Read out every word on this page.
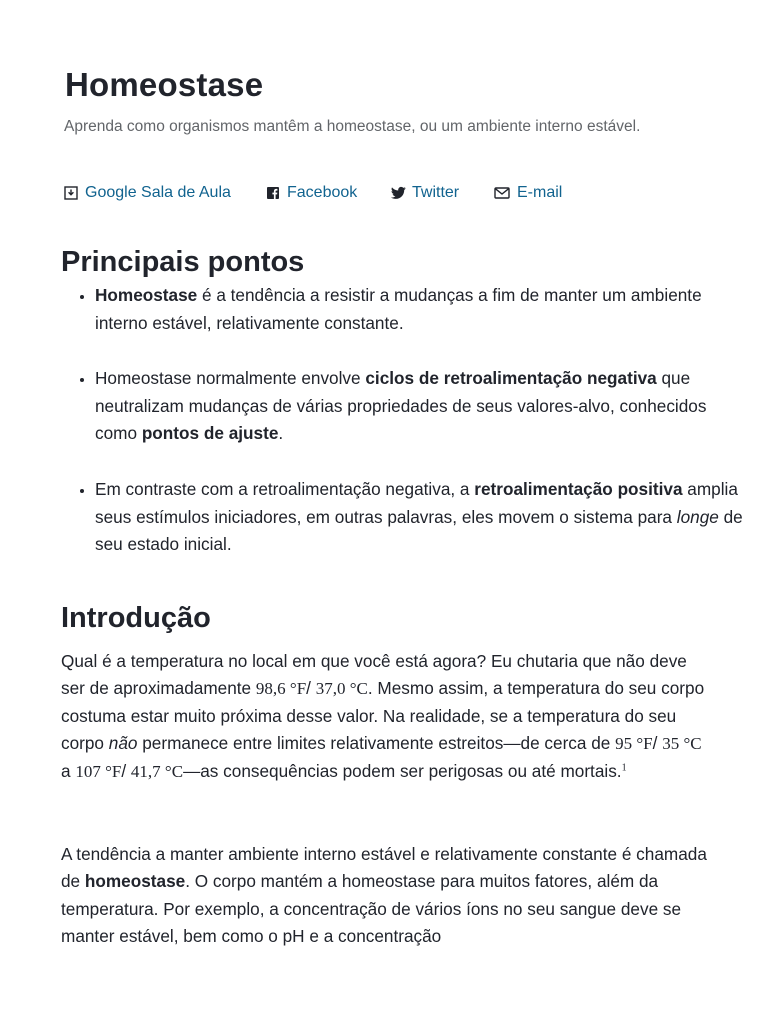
Homeostase

Aprenda como organismos mantêm a homeostase, ou um ambiente interno estável.

Google Sala de Aula	Facebook	Twitter	E-mail
Principais pontos
• Homeostase é a tendência a resistir a mudanças a fim de manter um ambiente interno estável, relativamente constante.
• Homeostase normalmente envolve ciclos de retroalimentação negativa que neutralizam mudanças de várias propriedades de seus valores-alvo, conhecidos como pontos de ajuste.
• Em contraste com a retroalimentação negativa, a retroalimentação positiva amplia seus estímulos iniciadores, em outras palavras, eles movem o sistema para longe de seu estado inicial.
Introdução

Qual é a temperatura no local em que você está agora? Eu chutaria que não deve ser de aproximadamente 98,6 °F/ 37,0 °C. Mesmo assim, a temperatura do seu corpo costuma estar muito próxima desse valor. Na realidade, se a temperatura do seu corpo não permanece entre limites relativamente estreitos—de cerca de 95 °F/ 35 °C a 107 °F/ 41,7 °C—as consequências podem ser perigosas ou até mortais.$^1$

A tendência a manter ambiente interno estável e relativamente constante é chamada de homeostase. O corpo mantém a homeostase para muitos fatores, além da temperatura. Por exemplo, a concentração de vários íons no seu sangue deve se manter estável, bem como o pH e a concentração
